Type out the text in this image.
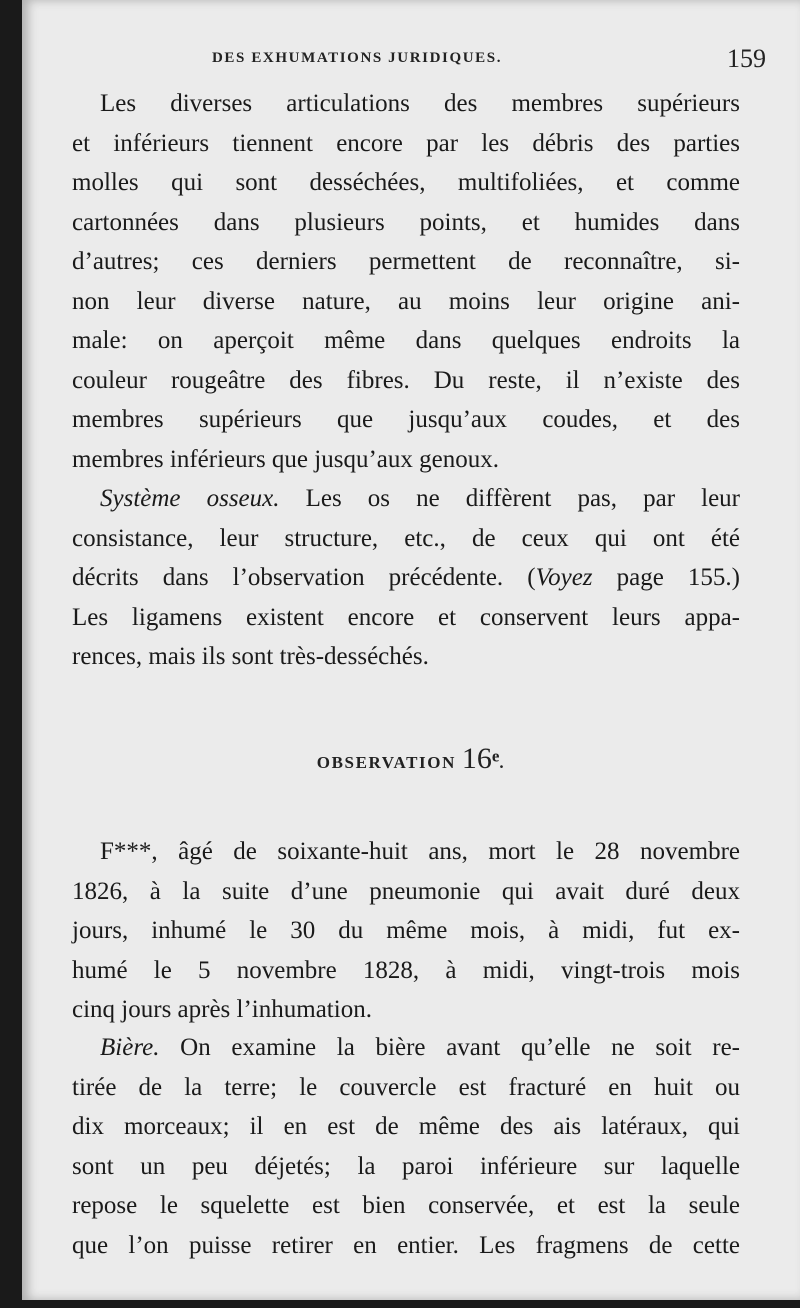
DES EXHUMATIONS JURIDIQUES.	159
Les diverses articulations des membres supérieurs
et inférieurs tiennent encore par les débris des parties
molles qui sont desséchées, multifoliées, et comme
cartonnées dans plusieurs points, et humides dans
d’autres; ces derniers permettent de reconnaître, si-
non leur diverse nature, au moins leur origine ani-
male: on aperçoit même dans quelques endroits la
couleur rougeâtre des fibres. Du reste, il n’existe des
membres supérieurs que jusqu’aux coudes, et des
membres inférieurs que jusqu’aux genoux.
Système osseux. Les os ne diffèrent pas, par leur
consistance, leur structure, etc., de ceux qui ont été
décrits dans l’observation précédente. (Voyez page 155.)
Les ligamens existent encore et conservent leurs appa-
rences, mais ils sont très-desséchés.
OBSERVATION 16e.
F***, âgé de soixante-huit ans, mort le 28 novembre
1826, à la suite d’une pneumonie qui avait duré deux
jours, inhumé le 30 du même mois, à midi, fut ex-
humé le 5 novembre 1828, à midi, vingt-trois mois
cinq jours après l’inhumation.
Bière. On examine la bière avant qu’elle ne soit re-
tirée de la terre; le couvercle est fracturé en huit ou
dix morceaux; il en est de même des ais latéraux, qui
sont un peu déjetés; la paroi inférieure sur laquelle
repose le squelette est bien conservée, et est la seule
que l’on puisse retirer en entier. Les fragmens de cette
